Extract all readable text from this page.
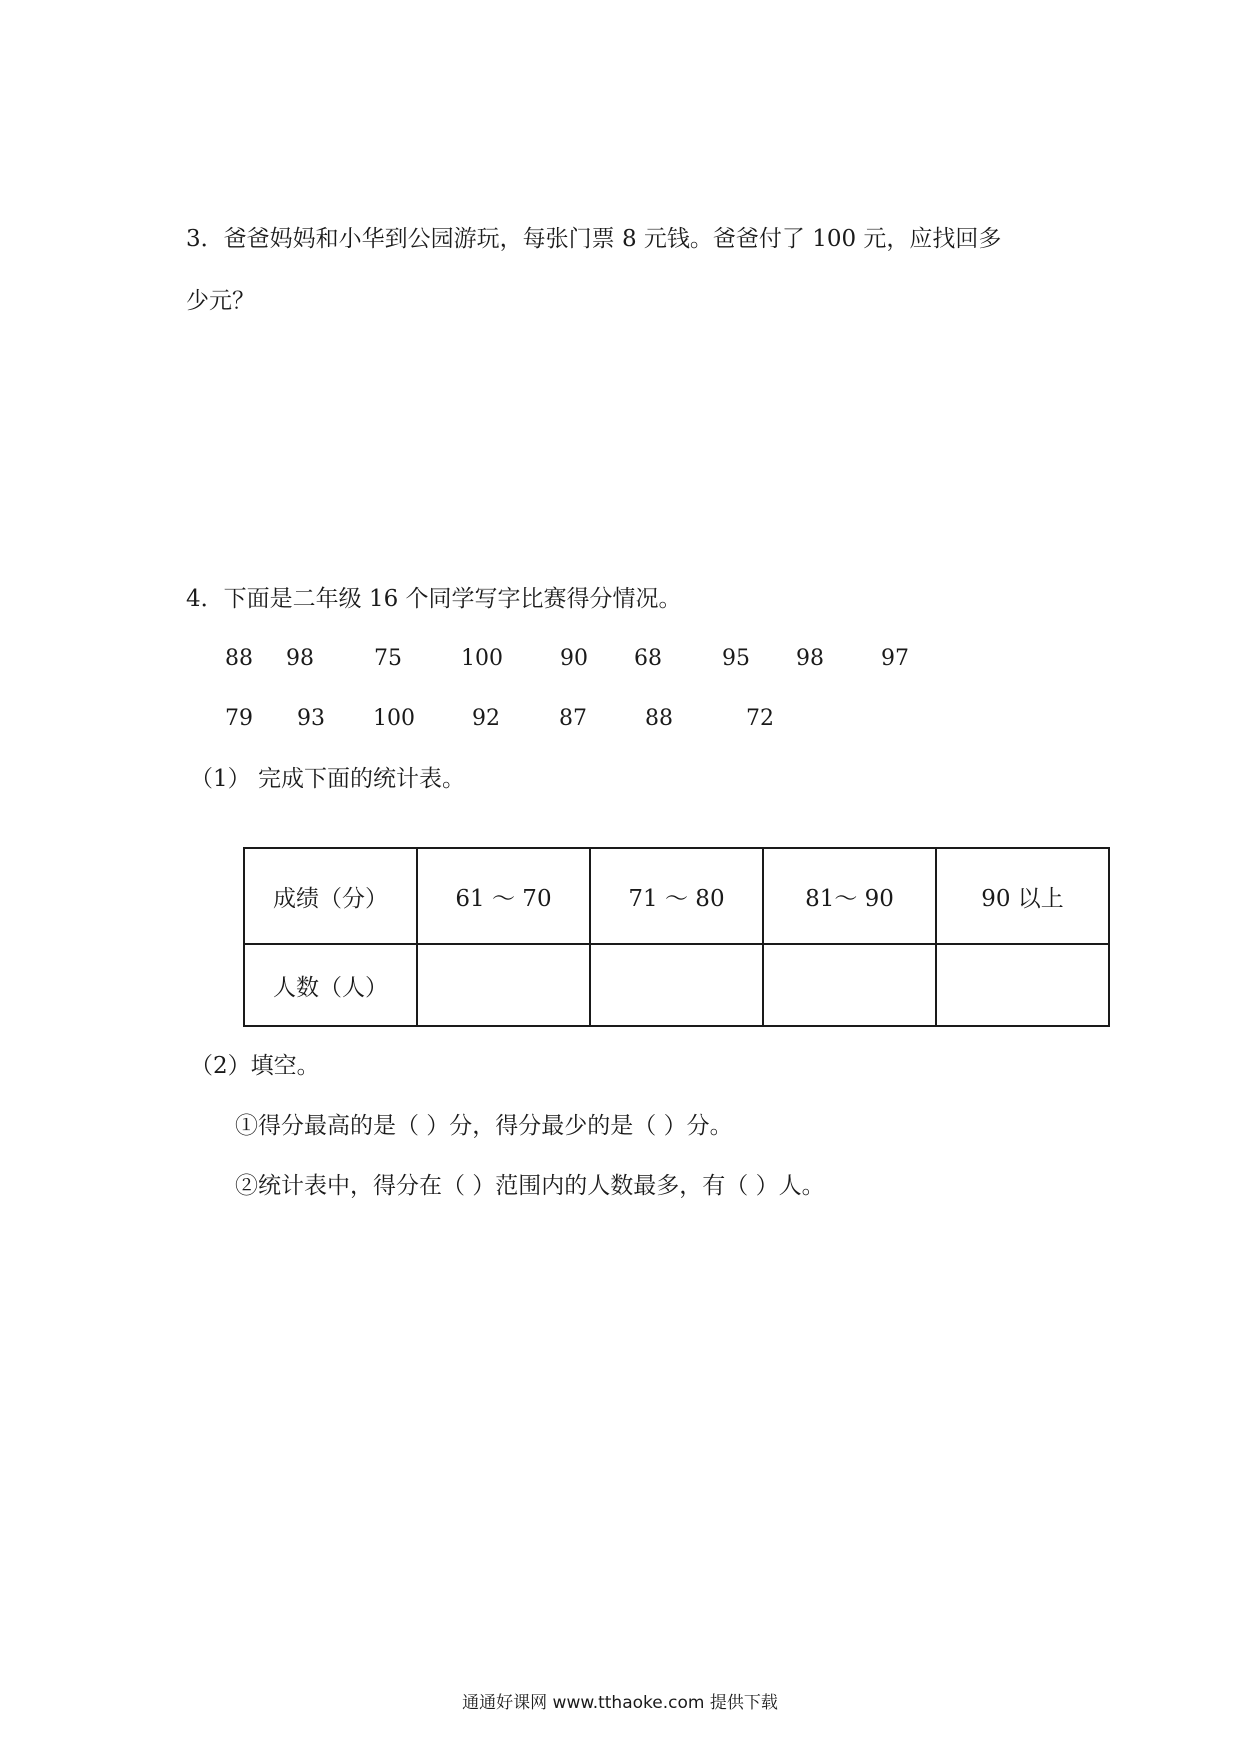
3．爸爸妈妈和小华到公园游玩，每张门票 8 元钱。爸爸付了 100 元，应找回多
少元？
4．下面是二年级 16 个同学写字比赛得分情况。
88 98	75	100	90 68	95 98	97
79 93 100	92	87	88	72
（1） 完成下面的统计表。
成绩（分）	61 ～ 70	71 ～ 80	81～ 90	90 以上
人数（人）				
（2）填空。
①得分最高的是（ ）分，得分最少的是（ ）分。
②统计表中，得分在（ ）范围内的人数最多，有（ ）人。
通通好课网 www.tthaoke.com 提供下载
